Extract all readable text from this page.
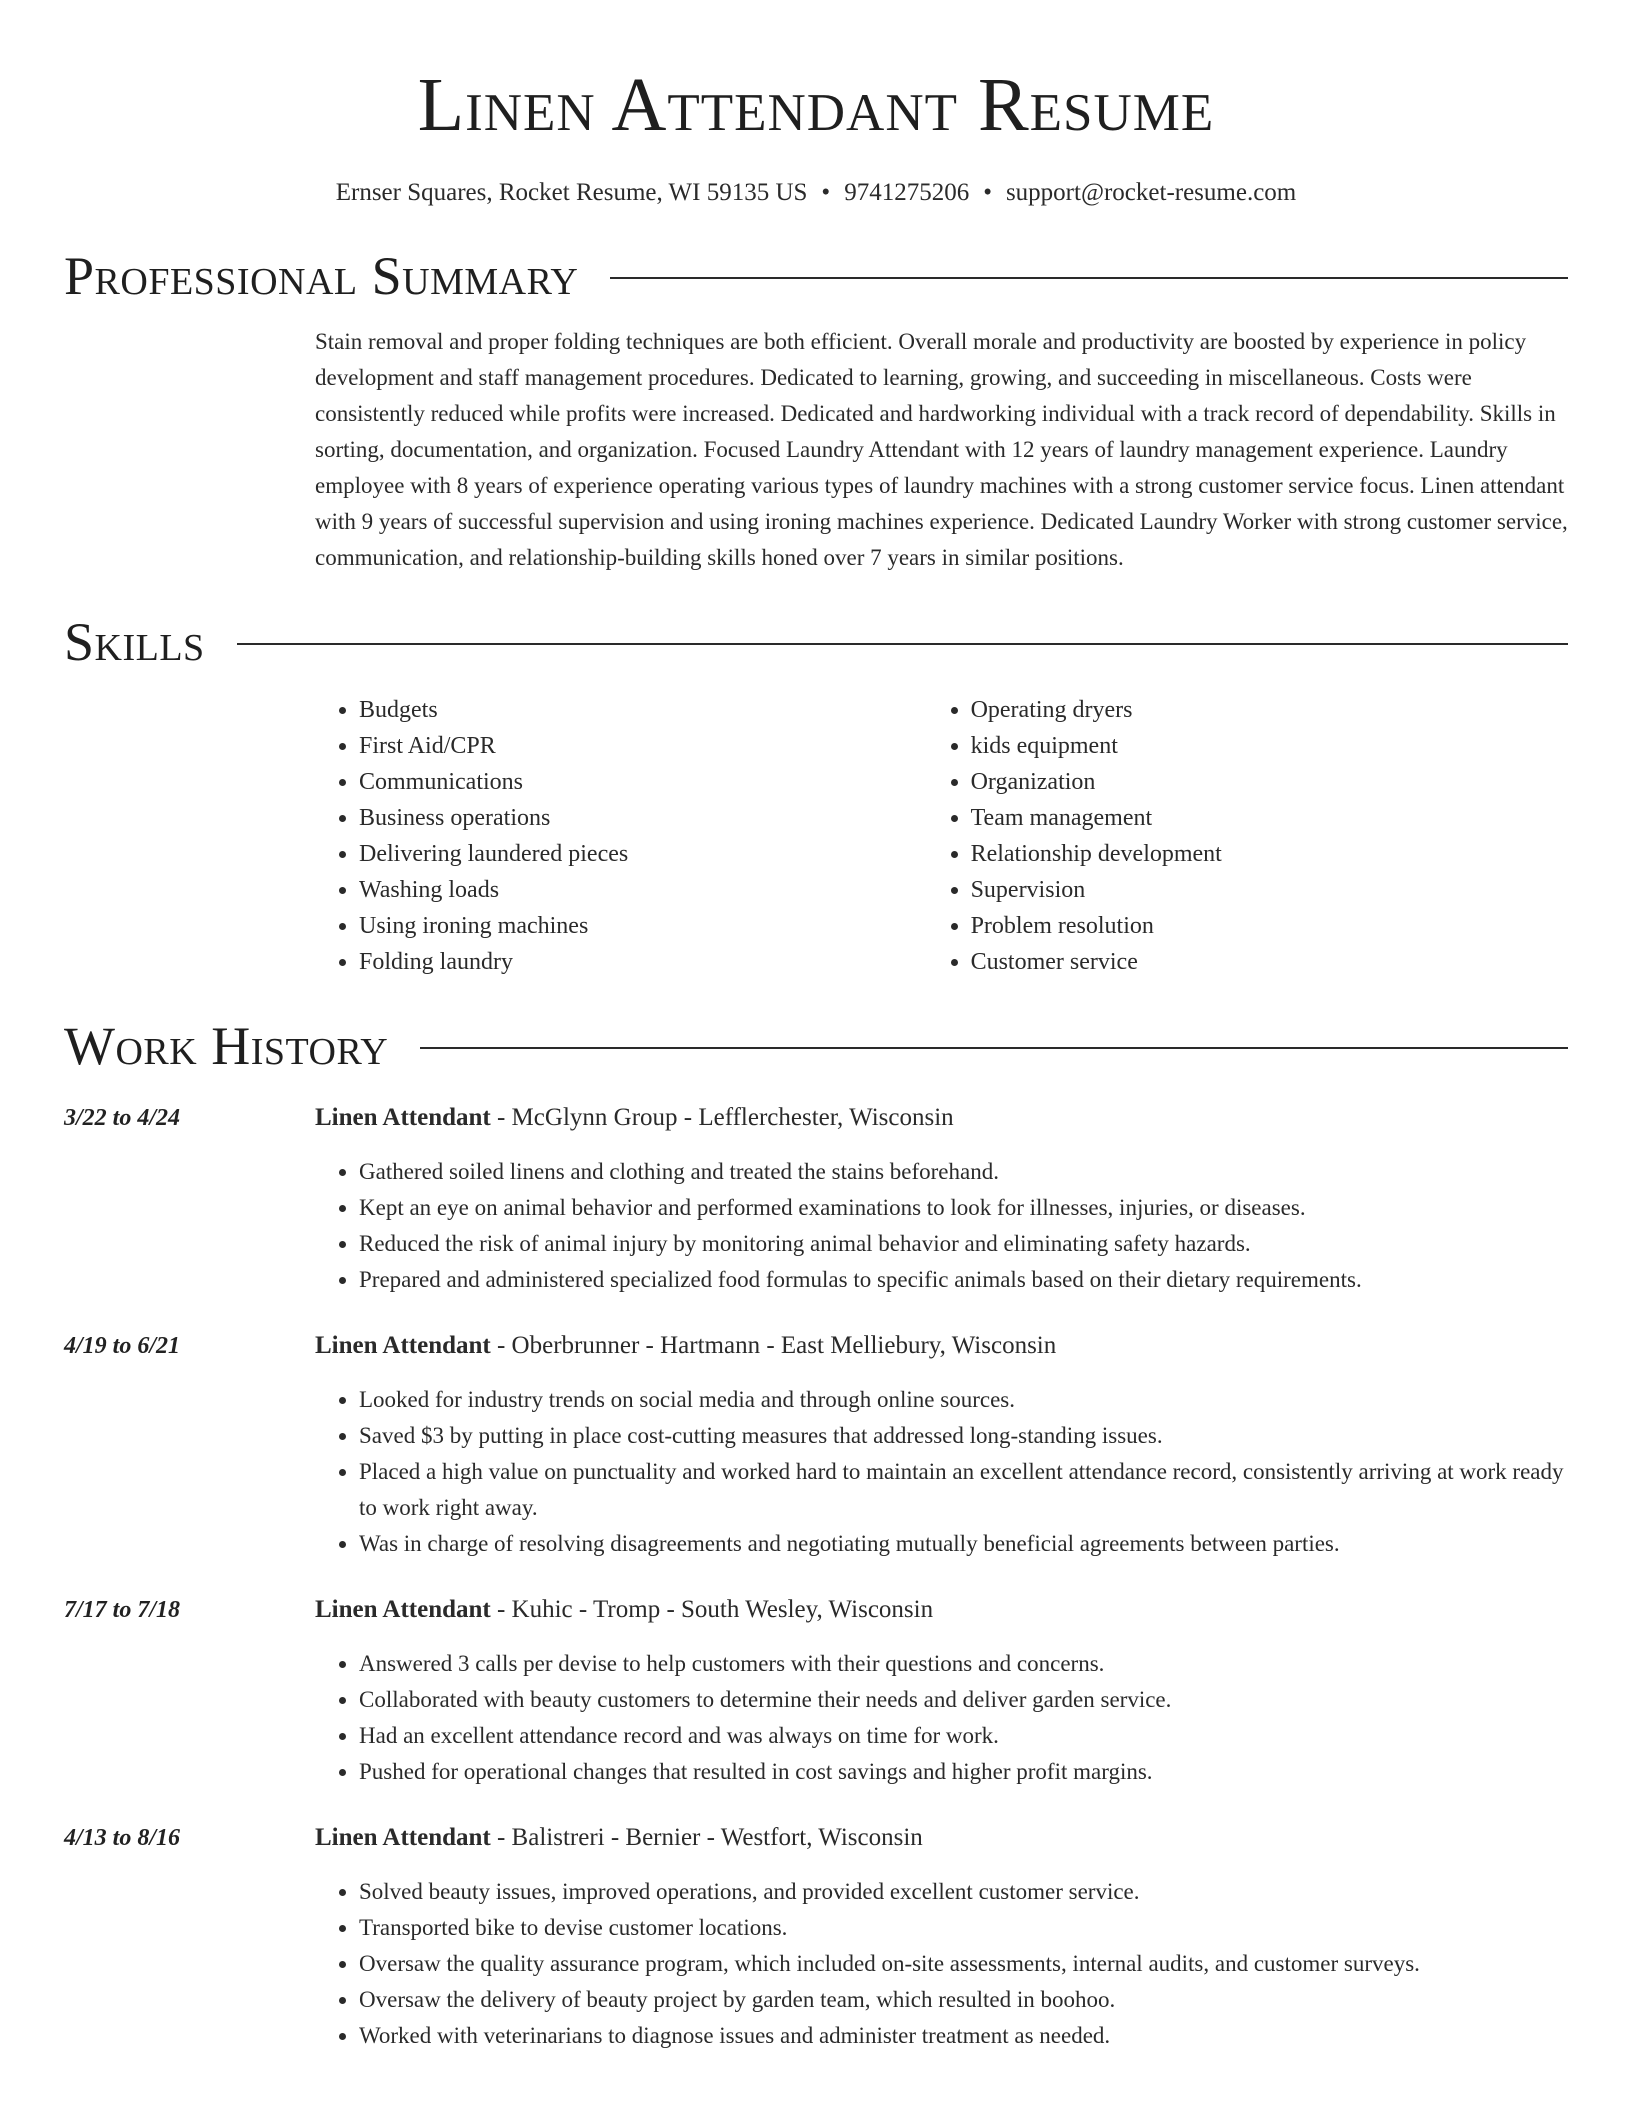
Linen Attendant Resume
Ernser Squares, Rocket Resume, WI 59135 US • 9741275206 • support@rocket-resume.com
Professional Summary

Stain removal and proper folding techniques are both efficient. Overall morale and productivity are boosted by experience in policy development and staff management procedures. Dedicated to learning, growing, and succeeding in miscellaneous. Costs were consistently reduced while profits were increased. Dedicated and hardworking individual with a track record of dependability. Skills in sorting, documentation, and organization. Focused Laundry Attendant with 12 years of laundry management experience. Laundry employee with 8 years of experience operating various types of laundry machines with a strong customer service focus. Linen attendant with 9 years of successful supervision and using ironing machines experience. Dedicated Laundry Worker with strong customer service, communication, and relationship-building skills honed over 7 years in similar positions.

Skills
• Budgets
• First Aid/CPR
• Communications
• Business operations
• Delivering laundered pieces
• Washing loads
• Using ironing machines
• Folding laundry
• Operating dryers
• kids equipment
• Organization
• Team management
• Relationship development
• Supervision
• Problem resolution
• Customer service
Work History
3/22 to 4/24	Linen Attendant - McGlynn Group - Lefflerchester, Wisconsin
• Gathered soiled linens and clothing and treated the stains beforehand.
• Kept an eye on animal behavior and performed examinations to look for illnesses, injuries, or diseases.
• Reduced the risk of animal injury by monitoring animal behavior and eliminating safety hazards.
• Prepared and administered specialized food formulas to specific animals based on their dietary requirements.
4/19 to 6/21	Linen Attendant - Oberbrunner - Hartmann - East Melliebury, Wisconsin
• Looked for industry trends on social media and through online sources.
• Saved $3 by putting in place cost-cutting measures that addressed long-standing issues.
• Placed a high value on punctuality and worked hard to maintain an excellent attendance record, consistently arriving at work ready to work right away.
• Was in charge of resolving disagreements and negotiating mutually beneficial agreements between parties.
7/17 to 7/18	Linen Attendant - Kuhic - Tromp - South Wesley, Wisconsin
• Answered 3 calls per devise to help customers with their questions and concerns.
• Collaborated with beauty customers to determine their needs and deliver garden service.
• Had an excellent attendance record and was always on time for work.
• Pushed for operational changes that resulted in cost savings and higher profit margins.
4/13 to 8/16	Linen Attendant - Balistreri - Bernier - Westfort, Wisconsin
• Solved beauty issues, improved operations, and provided excellent customer service.
• Transported bike to devise customer locations.
• Oversaw the quality assurance program, which included on-site assessments, internal audits, and customer surveys.
• Oversaw the delivery of beauty project by garden team, which resulted in boohoo.
• Worked with veterinarians to diagnose issues and administer treatment as needed.
